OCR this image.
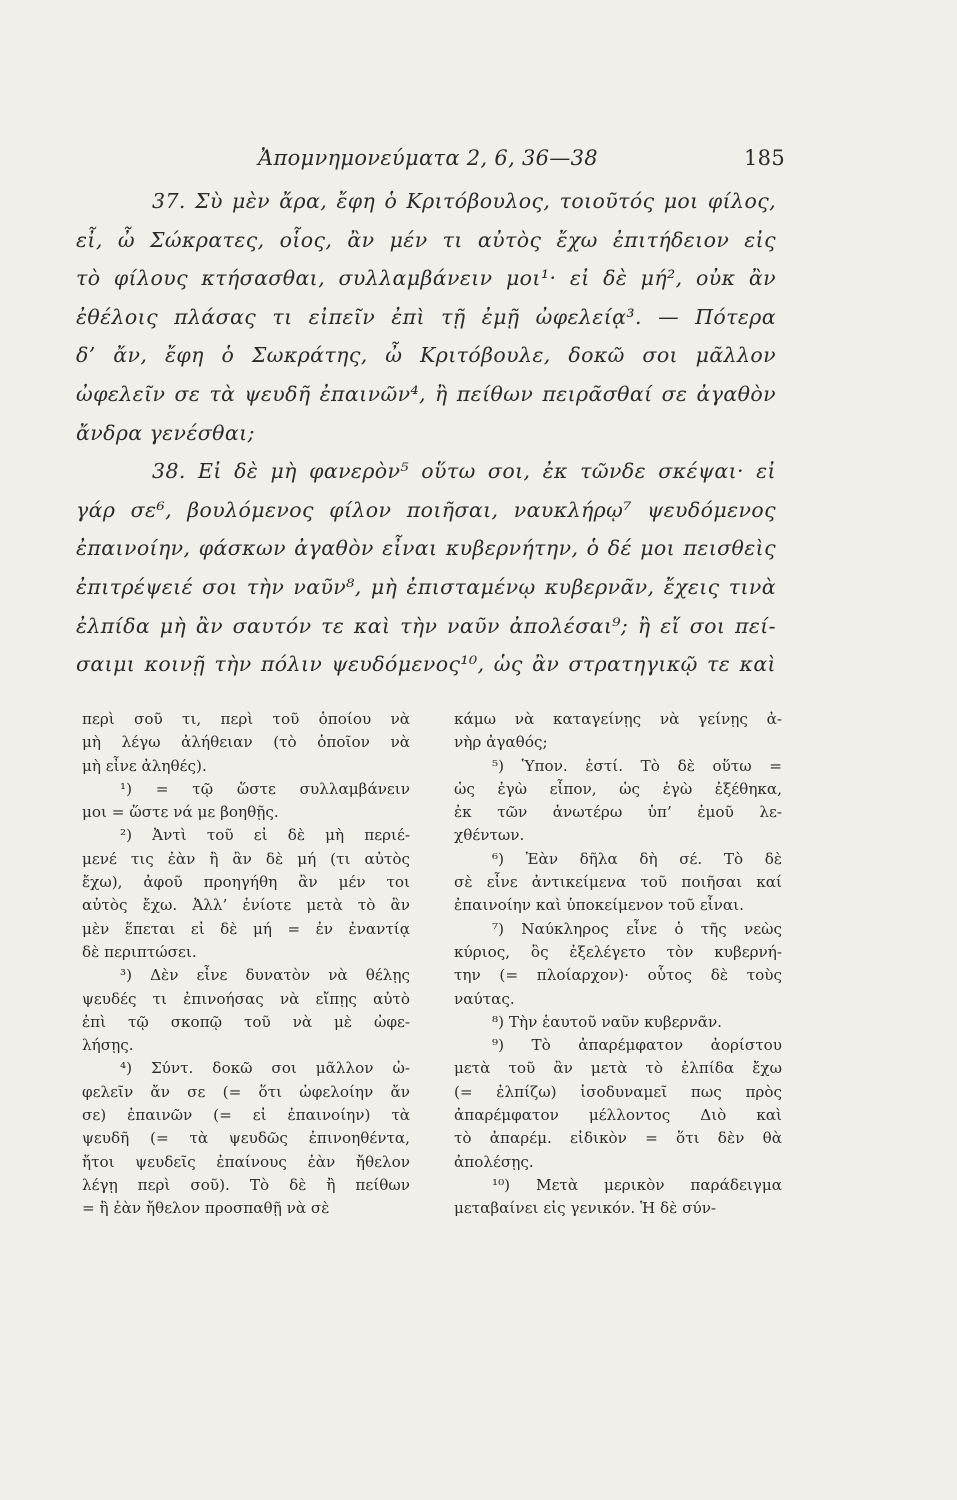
Ἀπομνημονεύματα 2, 6, 36—38	185
37. Σὺ μὲν ἄρα, ἔφη ὁ Κριτόβουλος, τοιοῦτός μοι φίλος,
εἶ, ὦ Σώκρατες, οἷος, ἂν μέν τι αὐτὸς ἔχω ἐπιτήδειον εἰς
τὸ φίλους κτήσασθαι, συλλαμβάνειν μοι¹· εἰ δὲ μή², οὐκ ἂν
ἐθέλοις πλάσας τι εἰπεῖν ἐπὶ τῇ ἐμῇ ὠφελείᾳ³. — Πότερα
δ’ ἄν, ἔφη ὁ Σωκράτης, ὦ Κριτόβουλε, δοκῶ σοι μᾶλλον
ὠφελεῖν σε τὰ ψευδῆ ἐπαινῶν⁴, ἢ πείθων πειρᾶσθαί σε ἀγαθὸν
ἄνδρα γενέσθαι;
38. Εἰ δὲ μὴ φανερὸν⁵ οὕτω σοι, ἐκ τῶνδε σκέψαι· εἰ
γάρ σε⁶, βουλόμενος φίλον ποιῆσαι, ναυκλήρῳ⁷ ψευδόμενος
ἐπαινοίην, φάσκων ἀγαθὸν εἶναι κυβερνήτην, ὁ δέ μοι πεισθεὶς
ἐπιτρέψειέ σοι τὴν ναῦν⁸, μὴ ἐπισταμένῳ κυβερνᾶν, ἔχεις τινὰ
ἐλπίδα μὴ ἂν σαυτόν τε καὶ τὴν ναῦν ἀπολέσαι⁹; ἢ εἴ σοι πεί-
σαιμι κοινῇ τὴν πόλιν ψευδόμενος¹⁰, ὡς ἂν στρατηγικῷ τε καὶ
περὶ σοῦ τι, περὶ τοῦ ὁποίου νὰ
μὴ λέγω ἀλήθειαν (τὸ ὁποῖον νὰ
μὴ εἶνε ἀληθές).
¹) = τῷ ὥστε συλλαμβάνειν
μοι = ὥστε νά με βοηθῇς.
²) Ἀντὶ τοῦ εἰ δὲ μὴ περιέ-
μενέ τις ἐὰν ἢ ἂν δὲ μή (τι αὐτὸς
ἔχω), ἀφοῦ προηγήθη ἂν μέν τοι
αὐτὸς ἔχω. Ἀλλ’ ἐνίοτε μετὰ τὸ ἂν
μὲν ἕπεται εἰ δὲ μή = ἐν ἐναντίᾳ
δὲ περιπτώσει.
³) Δὲν εἶνε δυνατὸν νὰ θέλῃς
ψευδές τι ἐπινοήσας νὰ εἴπῃς αὐτὸ
ἐπὶ τῷ σκοπῷ τοῦ νὰ μὲ ὠφε-
λήσῃς.
⁴) Σύντ. δοκῶ σοι μᾶλλον ὠ-
φελεῖν ἄν σε (= ὅτι ὠφελοίην ἄν
σε) ἐπαινῶν (= εἰ ἐπαινοίην) τὰ
ψευδῆ (= τὰ ψευδῶς ἐπινοηθέντα,
ἤτοι ψευδεῖς ἐπαίνους ἐὰν ἤθελον
λέγῃ περὶ σοῦ). Τὸ δὲ ἢ πείθων
= ἢ ἐὰν ἤθελον προσπαθῇ νὰ σὲ
κάμω νὰ καταγείνῃς νὰ γείνῃς ἀ-
νὴρ ἀγαθός;
⁵) Ὑπον. ἐστί. Τὸ δὲ οὕτω =
ὡς ἐγὼ εἶπον, ὡς ἐγὼ ἐξέθηκα,
ἐκ τῶν ἀνωτέρω ὑπ’ ἐμοῦ λε-
χθέντων.
⁶) Ἐὰν δῆλα δὴ σέ. Τὸ δὲ
σὲ εἶνε ἀντικείμενα τοῦ ποιῆσαι καί
ἐπαινοίην καὶ ὑποκείμενον τοῦ εἶναι.
⁷) Ναύκληρος εἶνε ὁ τῆς νεὼς
κύριος, ὃς ἐξελέγετο τὸν κυβερνή-
την (= πλοίαρχον)· οὗτος δὲ τοὺς
ναύτας.
⁸) Τὴν ἑαυτοῦ ναῦν κυβερνᾶν.
⁹) Τὸ ἀπαρέμφατον ἀορίστου
μετὰ τοῦ ἂν μετὰ τὸ ἐλπίδα ἔχω
(= ἐλπίζω) ἰσοδυναμεῖ πως πρὸς
ἀπαρέμφατον μέλλοντος Διὸ καὶ
τὸ ἀπαρέμ. εἰδικὸν = ὅτι δὲν θὰ
ἀπολέσῃς.
¹⁰) Μετὰ μερικὸν παράδειγμα
μεταβαίνει εἰς γενικόν. Ἡ δὲ σύν-
